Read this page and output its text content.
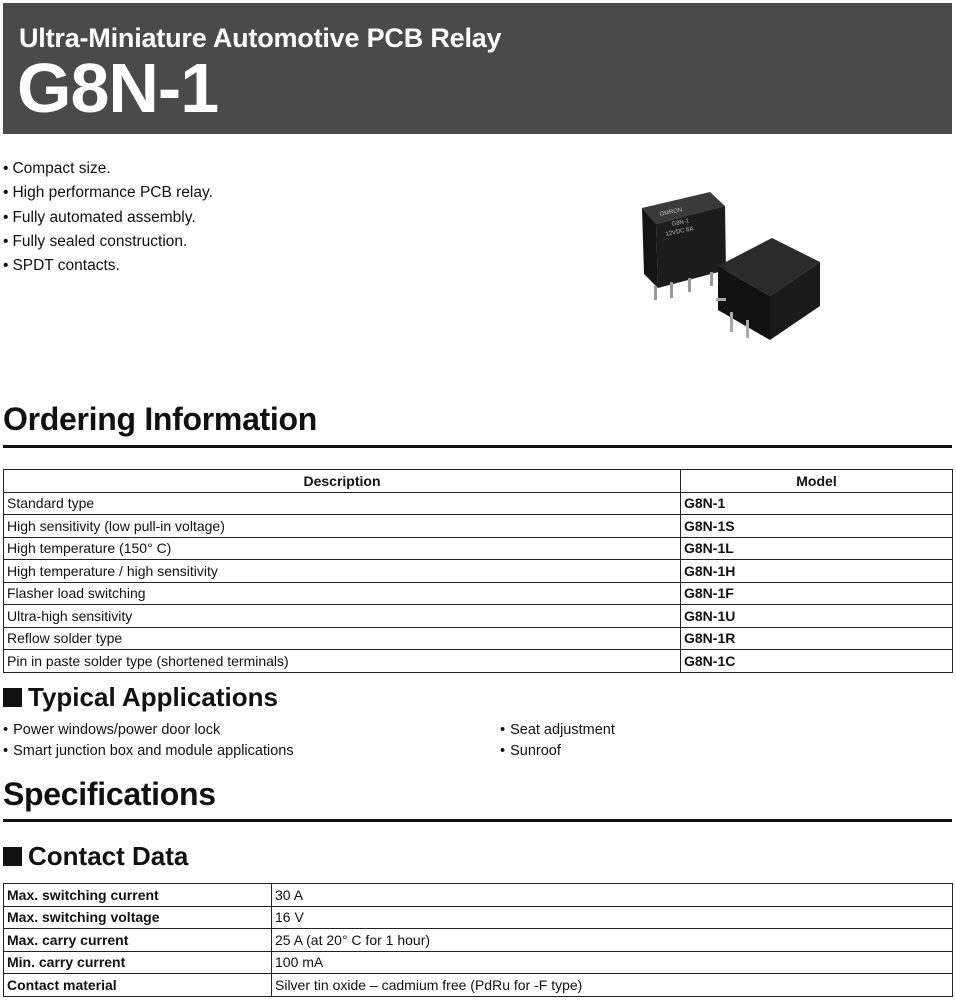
Ultra-Miniature Automotive PCB Relay
G8N-1
• Compact size.
• High performance PCB relay.
• Fully automated assembly.
• Fully sealed construction.
• SPDT contacts.
OMRON
G8N-1
12VDC 6A
Ordering Information
Description	Model
Standard type	G8N-1
High sensitivity (low pull-in voltage)	G8N-1S
High temperature (150° C)	G8N-1L
High temperature / high sensitivity	G8N-1H
Flasher load switching	G8N-1F
Ultra-high sensitivity	G8N-1U
Reflow solder type	G8N-1R
Pin in paste solder type (shortened terminals)	G8N-1C
Typical Applications
• Power windows/power door lock
• Smart junction box and module applications
• Seat adjustment
• Sunroof
Specifications
Contact Data
Max. switching current	30 A
Max. switching voltage	16 V
Max. carry current	25 A (at 20° C for 1 hour)
Min. carry current	100 mA
Contact material	Silver tin oxide – cadmium free (PdRu for -F type)
